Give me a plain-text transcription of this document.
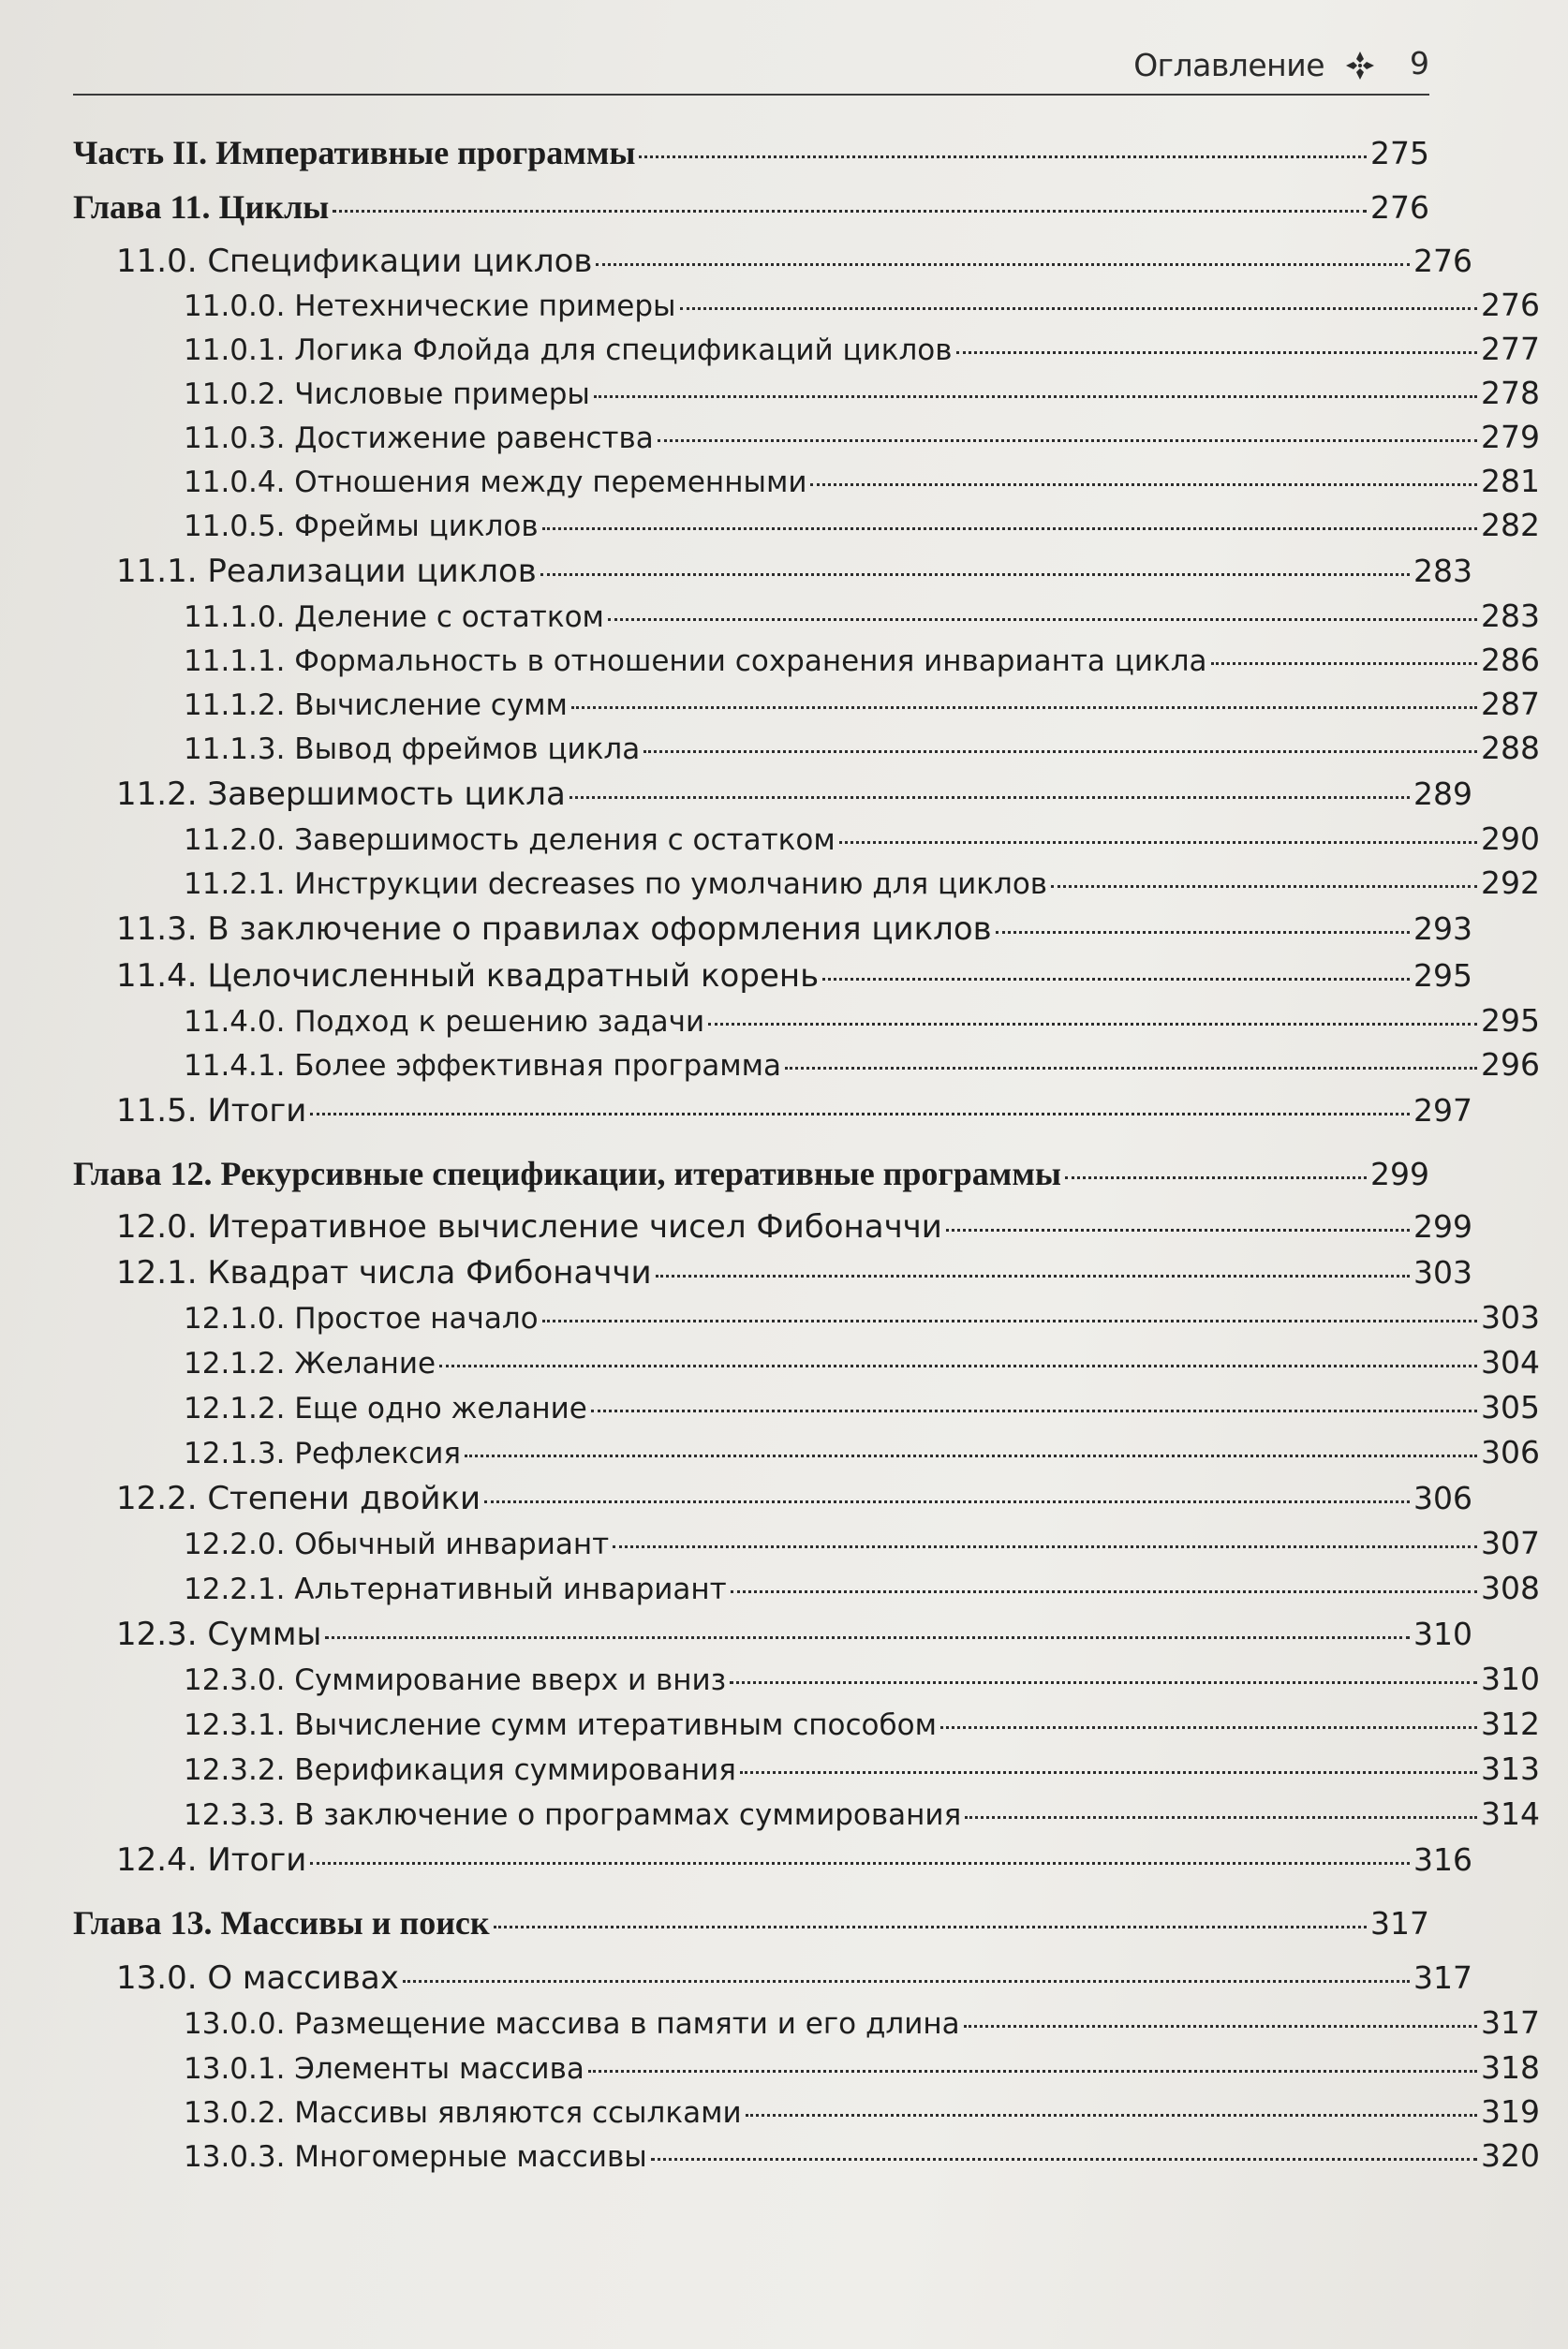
Оглавление	9
Часть II. Императивные программы	275
Глава 11. Циклы	276
11.0. Спецификации циклов	276
11.0.0. Нетехнические примеры	276
11.0.1. Логика Флойда для спецификаций циклов	277
11.0.2. Числовые примеры	278
11.0.3. Достижение равенства	279
11.0.4. Отношения между переменными	281
11.0.5. Фреймы циклов	282
11.1. Реализации циклов	283
11.1.0. Деление с остатком	283
11.1.1. Формальность в отношении сохранения инварианта цикла	286
11.1.2. Вычисление сумм	287
11.1.3. Вывод фреймов цикла	288
11.2. Завершимость цикла	289
11.2.0. Завершимость деления с остатком	290
11.2.1. Инструкции decreases по умолчанию для циклов	292
11.3. В заключение о правилах оформления циклов	293
11.4. Целочисленный квадратный корень	295
11.4.0. Подход к решению задачи	295
11.4.1. Более эффективная программа	296
11.5. Итоги	297
Глава 12. Рекурсивные спецификации, итеративные программы	299
12.0. Итеративное вычисление чисел Фибоначчи	299
12.1. Квадрат числа Фибоначчи	303
12.1.0. Простое начало	303
12.1.2. Желание	304
12.1.2. Еще одно желание	305
12.1.3. Рефлексия	306
12.2. Степени двойки	306
12.2.0. Обычный инвариант	307
12.2.1. Альтернативный инвариант	308
12.3. Суммы	310
12.3.0. Суммирование вверх и вниз	310
12.3.1. Вычисление сумм итеративным способом	312
12.3.2. Верификация суммирования	313
12.3.3. В заключение о программах суммирования	314
12.4. Итоги	316
Глава 13. Массивы и поиск	317
13.0. О массивах	317
13.0.0. Размещение массива в памяти и его длина	317
13.0.1. Элементы массива	318
13.0.2. Массивы являются ссылками	319
13.0.3. Многомерные массивы	320
